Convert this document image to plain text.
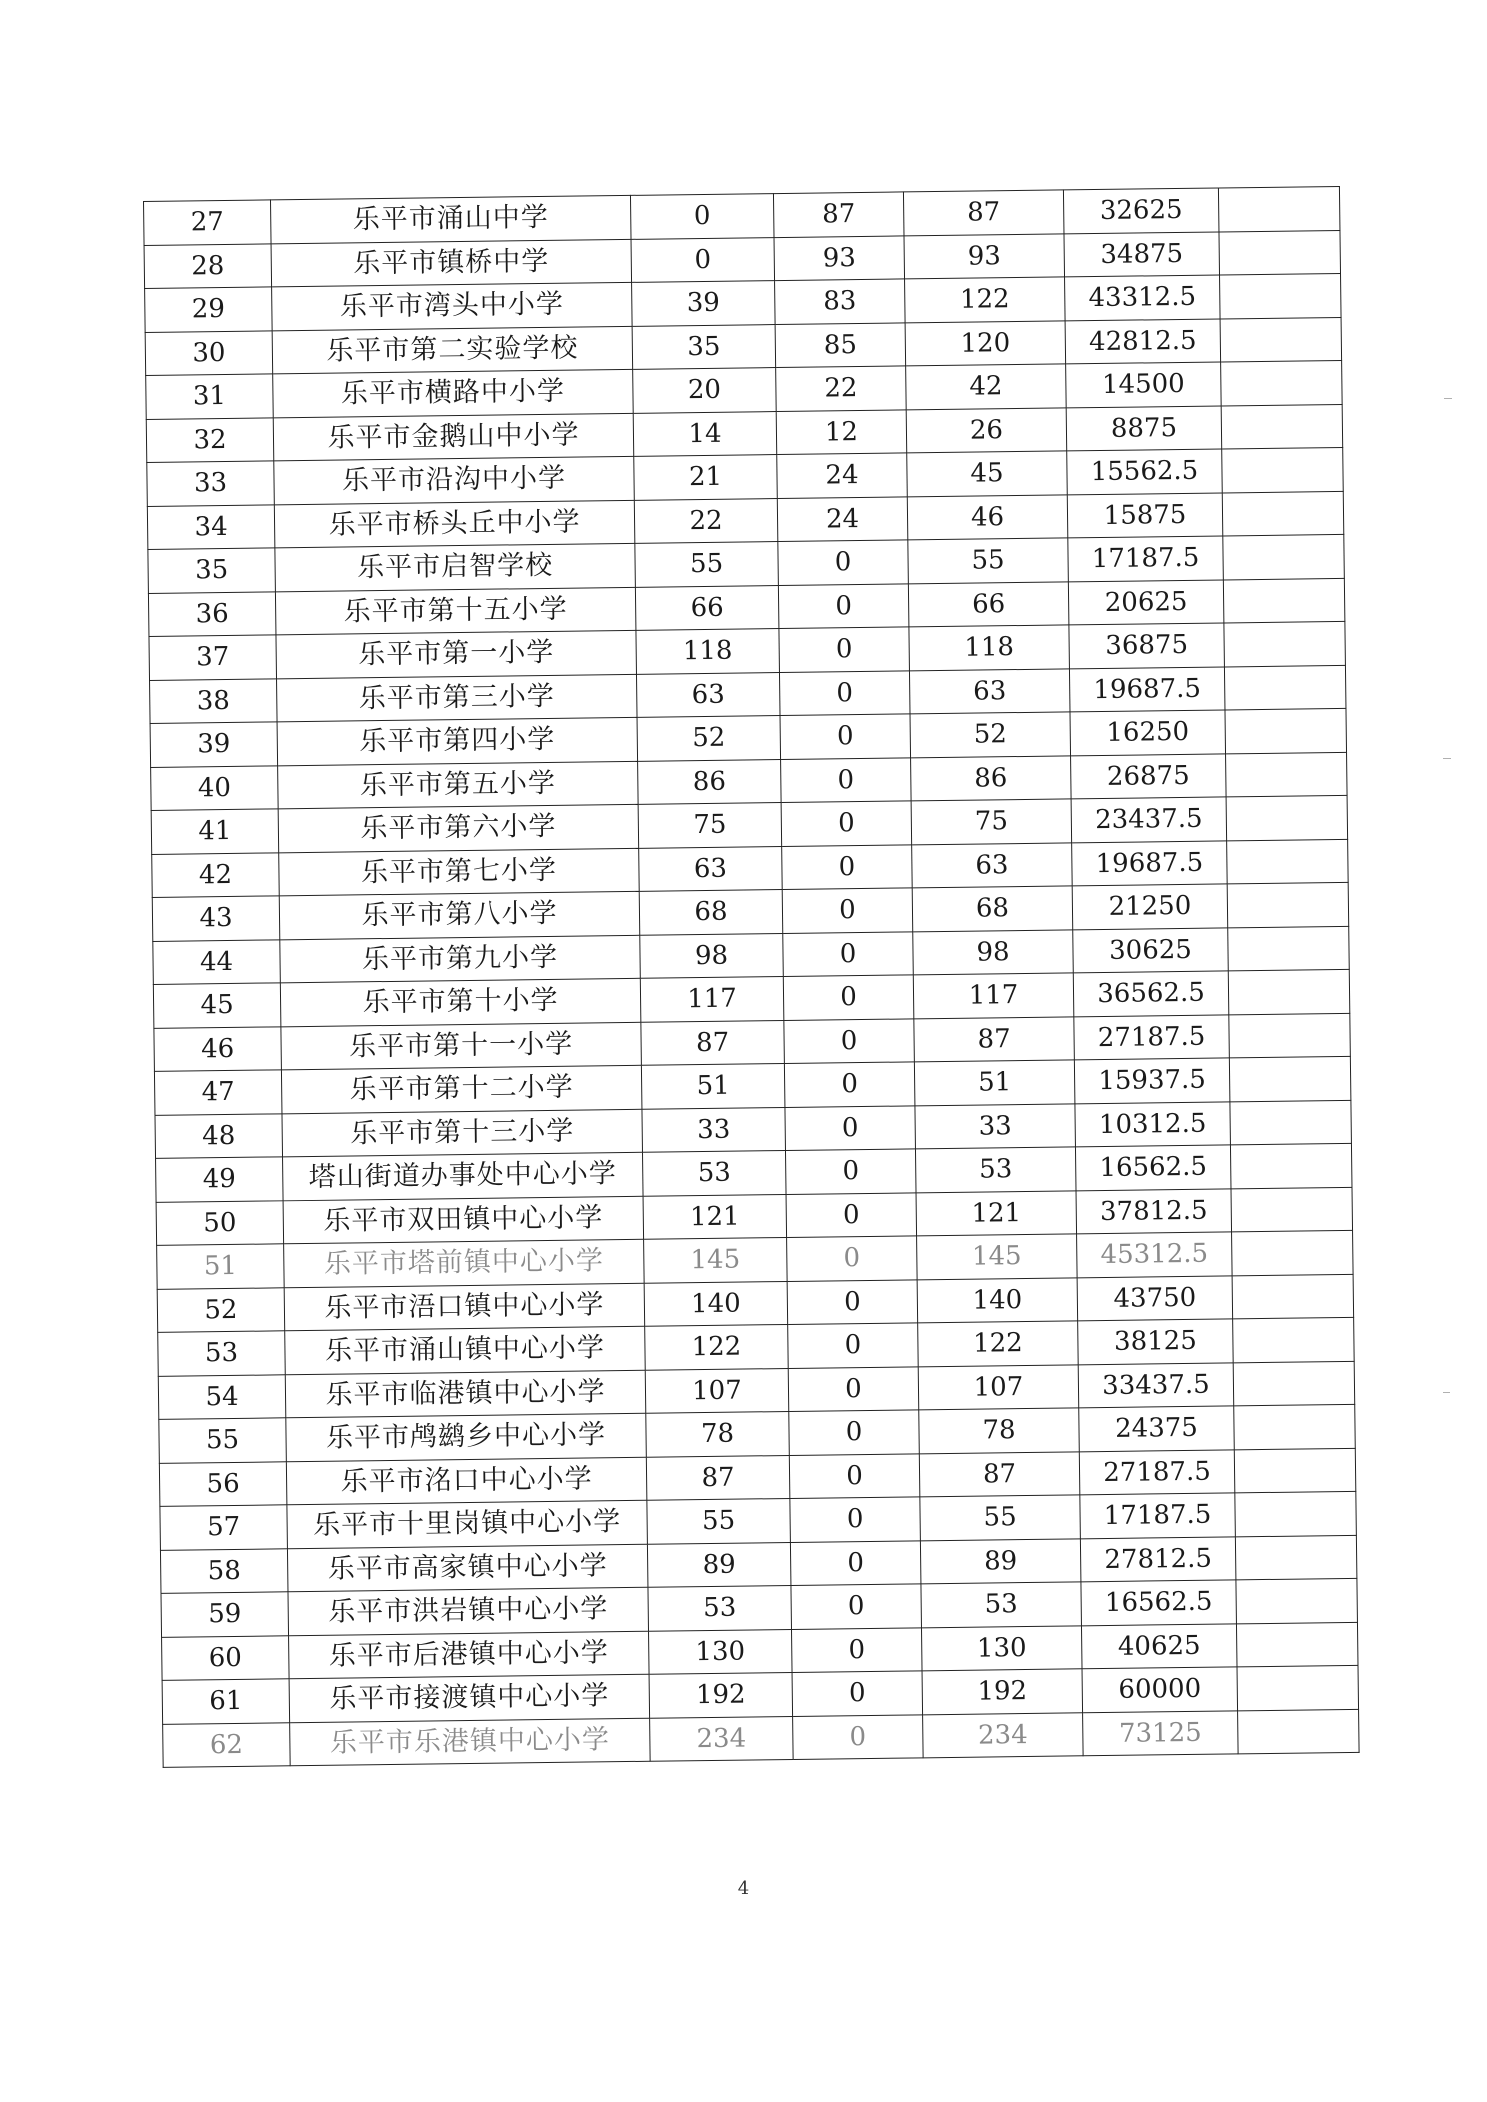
27	乐平市涌山中学	0	87	87	32625	
28	乐平市镇桥中学	0	93	93	34875	
29	乐平市湾头中小学	39	83	122	43312.5	
30	乐平市第二实验学校	35	85	120	42812.5	
31	乐平市横路中小学	20	22	42	14500	
32	乐平市金鹅山中小学	14	12	26	8875	
33	乐平市沿沟中小学	21	24	45	15562.5	
34	乐平市桥头丘中小学	22	24	46	15875	
35	乐平市启智学校	55	0	55	17187.5	
36	乐平市第十五小学	66	0	66	20625	
37	乐平市第一小学	118	0	118	36875	
38	乐平市第三小学	63	0	63	19687.5	
39	乐平市第四小学	52	0	52	16250	
40	乐平市第五小学	86	0	86	26875	
41	乐平市第六小学	75	0	75	23437.5	
42	乐平市第七小学	63	0	63	19687.5	
43	乐平市第八小学	68	0	68	21250	
44	乐平市第九小学	98	0	98	30625	
45	乐平市第十小学	117	0	117	36562.5	
46	乐平市第十一小学	87	0	87	27187.5	
47	乐平市第十二小学	51	0	51	15937.5	
48	乐平市第十三小学	33	0	33	10312.5	
49	塔山街道办事处中心小学	53	0	53	16562.5	
50	乐平市双田镇中心小学	121	0	121	37812.5	
51	乐平市塔前镇中心小学	145	0	145	45312.5	
52	乐平市浯口镇中心小学	140	0	140	43750	
53	乐平市涌山镇中心小学	122	0	122	38125	
54	乐平市临港镇中心小学	107	0	107	33437.5	
55	乐平市鸬鹚乡中心小学	78	0	78	24375	
56	乐平市洺口中心小学	87	0	87	27187.5	
57	乐平市十里岗镇中心小学	55	0	55	17187.5	
58	乐平市高家镇中心小学	89	0	89	27812.5	
59	乐平市洪岩镇中心小学	53	0	53	16562.5	
60	乐平市后港镇中心小学	130	0	130	40625	
61	乐平市接渡镇中心小学	192	0	192	60000	
62	乐平市乐港镇中心小学	234	0	234	73125	
4
